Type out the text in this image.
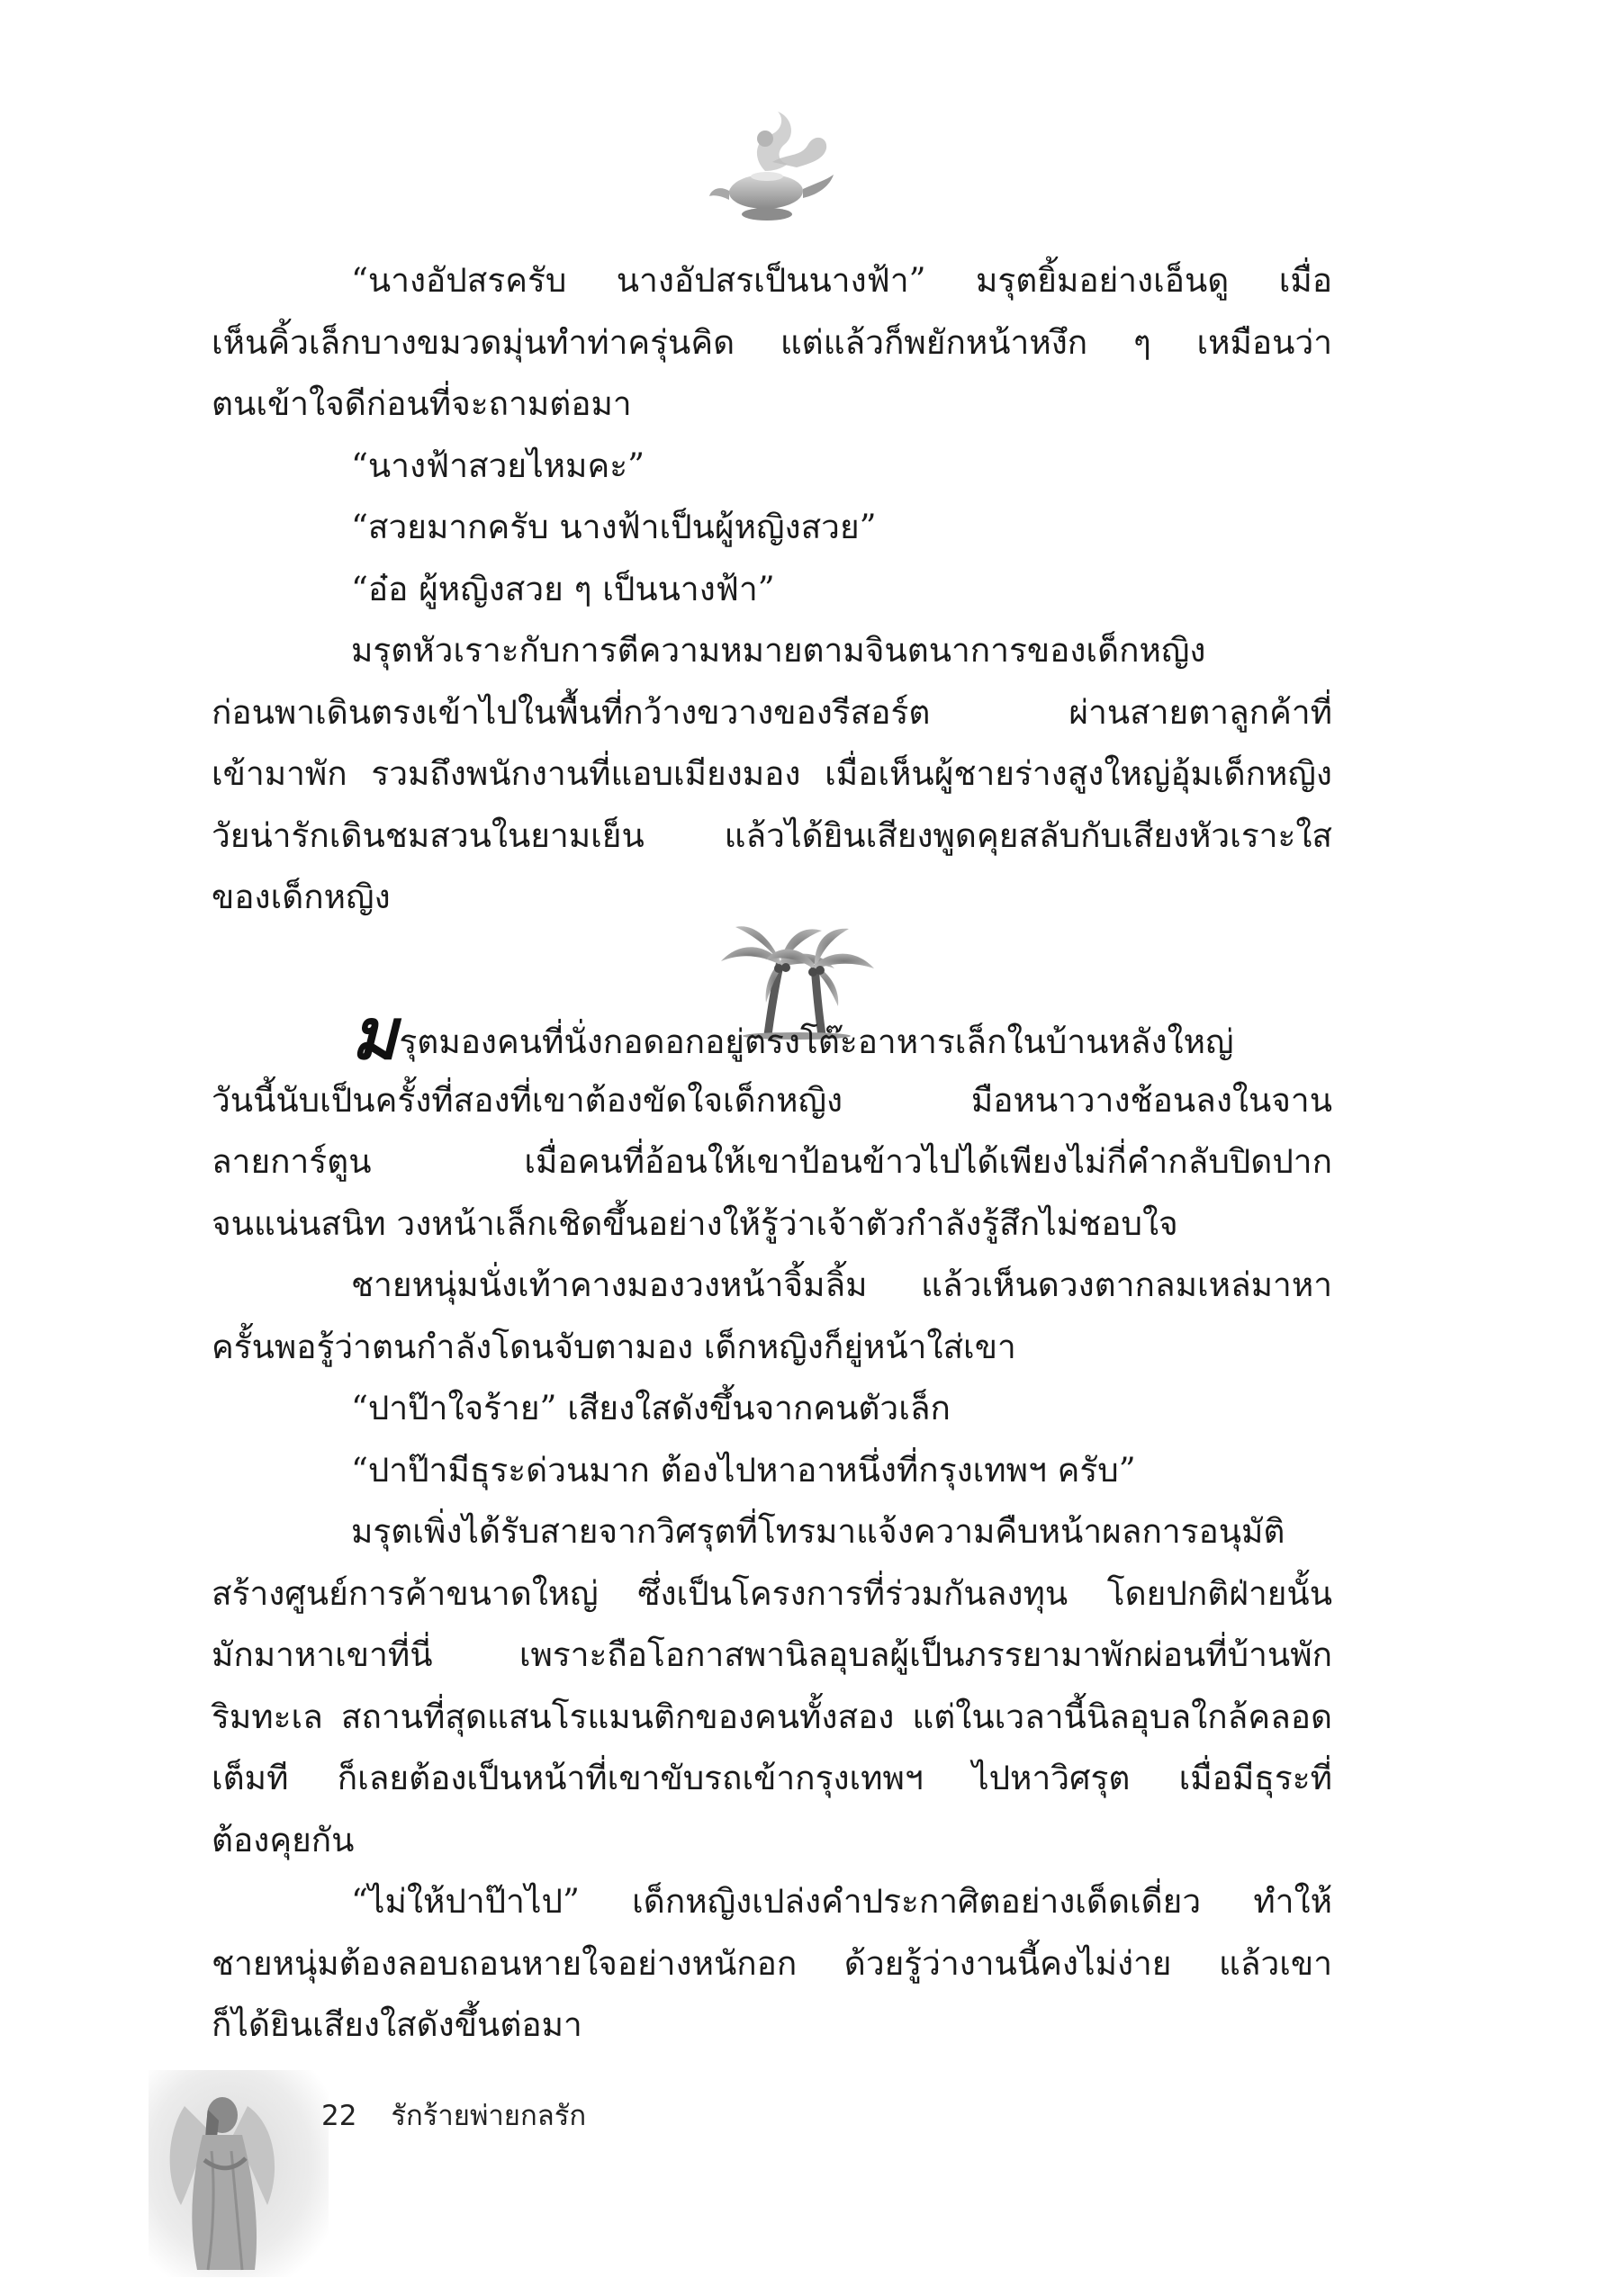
“นางอัปสรครับ นางอัปสรเป็นนางฟ้า” มรุตยิ้มอย่างเอ็นดู เมื่อ
เห็นคิ้วเล็กบางขมวดมุ่นทำท่าครุ่นคิด แต่แล้วก็พยักหน้าหงึก ๆ เหมือนว่า
ตนเข้าใจดีก่อนที่จะถามต่อมา
“นางฟ้าสวยไหมคะ”
“สวยมากครับ นางฟ้าเป็นผู้หญิงสวย”
“อ๋อ ผู้หญิงสวย ๆ เป็นนางฟ้า”
มรุตหัวเราะกับการตีความหมายตามจินตนาการของเด็กหญิง
ก่อนพาเดินตรงเข้าไปในพื้นที่กว้างขวางของรีสอร์ต ผ่านสายตาลูกค้าที่
เข้ามาพัก รวมถึงพนักงานที่แอบเมียงมอง เมื่อเห็นผู้ชายร่างสูงใหญ่อุ้มเด็กหญิง
วัยน่ารักเดินชมสวนในยามเย็น แล้วได้ยินเสียงพูดคุยสลับกับเสียงหัวเราะใส
ของเด็กหญิง
มรุตมองคนที่นั่งกอดอกอยู่ตรงโต๊ะอาหารเล็กในบ้านหลังใหญ่
วันนี้นับเป็นครั้งที่สองที่เขาต้องขัดใจเด็กหญิง มือหนาวางช้อนลงในจาน
ลายการ์ตูน เมื่อคนที่อ้อนให้เขาป้อนข้าวไปได้เพียงไม่กี่คำกลับปิดปาก
จนแน่นสนิท วงหน้าเล็กเชิดขึ้นอย่างให้รู้ว่าเจ้าตัวกำลังรู้สึกไม่ชอบใจ
ชายหนุ่มนั่งเท้าคางมองวงหน้าจิ้มลิ้ม แล้วเห็นดวงตากลมเหล่มาหา
ครั้นพอรู้ว่าตนกำลังโดนจับตามอง เด็กหญิงก็ยู่หน้าใส่เขา
“ปาป๊าใจร้าย” เสียงใสดังขึ้นจากคนตัวเล็ก
“ปาป๊ามีธุระด่วนมาก ต้องไปหาอาหนึ่งที่กรุงเทพฯ ครับ”
มรุตเพิ่งได้รับสายจากวิศรุตที่โทรมาแจ้งความคืบหน้าผลการอนุมัติ
สร้างศูนย์การค้าขนาดใหญ่ ซึ่งเป็นโครงการที่ร่วมกันลงทุน โดยปกติฝ่ายนั้น
มักมาหาเขาที่นี่ เพราะถือโอกาสพานิลอุบลผู้เป็นภรรยามาพักผ่อนที่บ้านพัก
ริมทะเล สถานที่สุดแสนโรแมนติกของคนทั้งสอง แต่ในเวลานี้นิลอุบลใกล้คลอด
เต็มที ก็เลยต้องเป็นหน้าที่เขาขับรถเข้ากรุงเทพฯ ไปหาวิศรุต เมื่อมีธุระที่
ต้องคุยกัน
“ไม่ให้ปาป๊าไป” เด็กหญิงเปล่งคำประกาศิตอย่างเด็ดเดี่ยว ทำให้
ชายหนุ่มต้องลอบถอนหายใจอย่างหนักอก ด้วยรู้ว่างานนี้คงไม่ง่าย แล้วเขา
ก็ได้ยินเสียงใสดังขึ้นต่อมา
22 รักร้ายพ่ายกลรัก
